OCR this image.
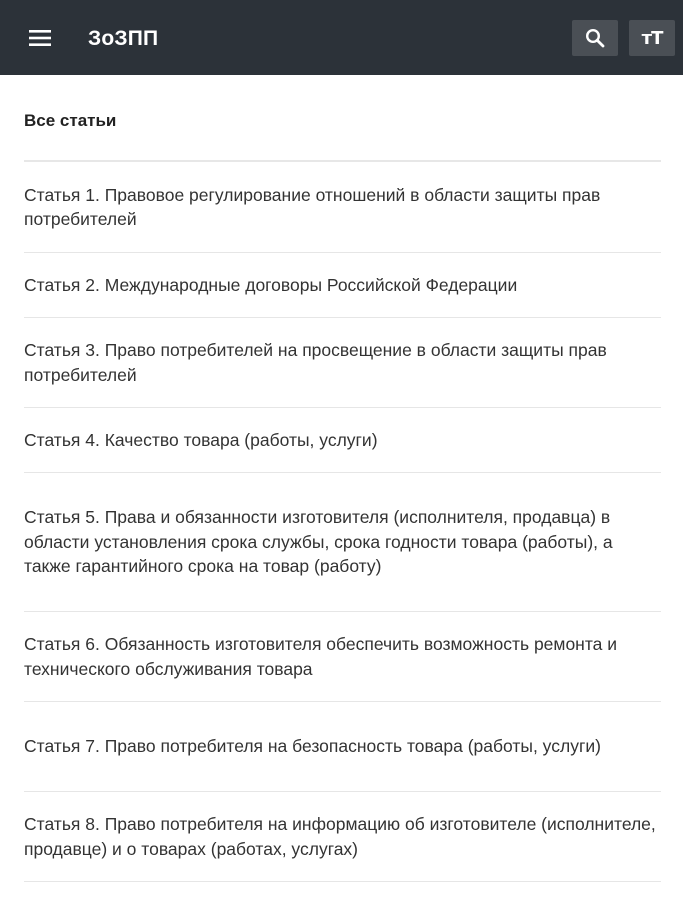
ЗоЗПП	тТ
Все статьи
Статья 1. Правовое регулирование отношений в области защиты прав потребителей
Статья 2. Международные договоры Российской Федерации
Статья 3. Право потребителей на просвещение в области защиты прав потребителей
Статья 4. Качество товара (работы, услуги)
Статья 5. Права и обязанности изготовителя (исполнителя, продавца) в области установления срока службы, срока годности товара (работы), а также гарантийного срока на товар (работу)
Статья 6. Обязанность изготовителя обеспечить возможность ремонта и технического обслуживания товара
Статья 7. Право потребителя на безопасность товара (работы, услуги)
Статья 8. Право потребителя на информацию об изготовителе (исполнителе, продавце) и о товарах (работах, услугах)
